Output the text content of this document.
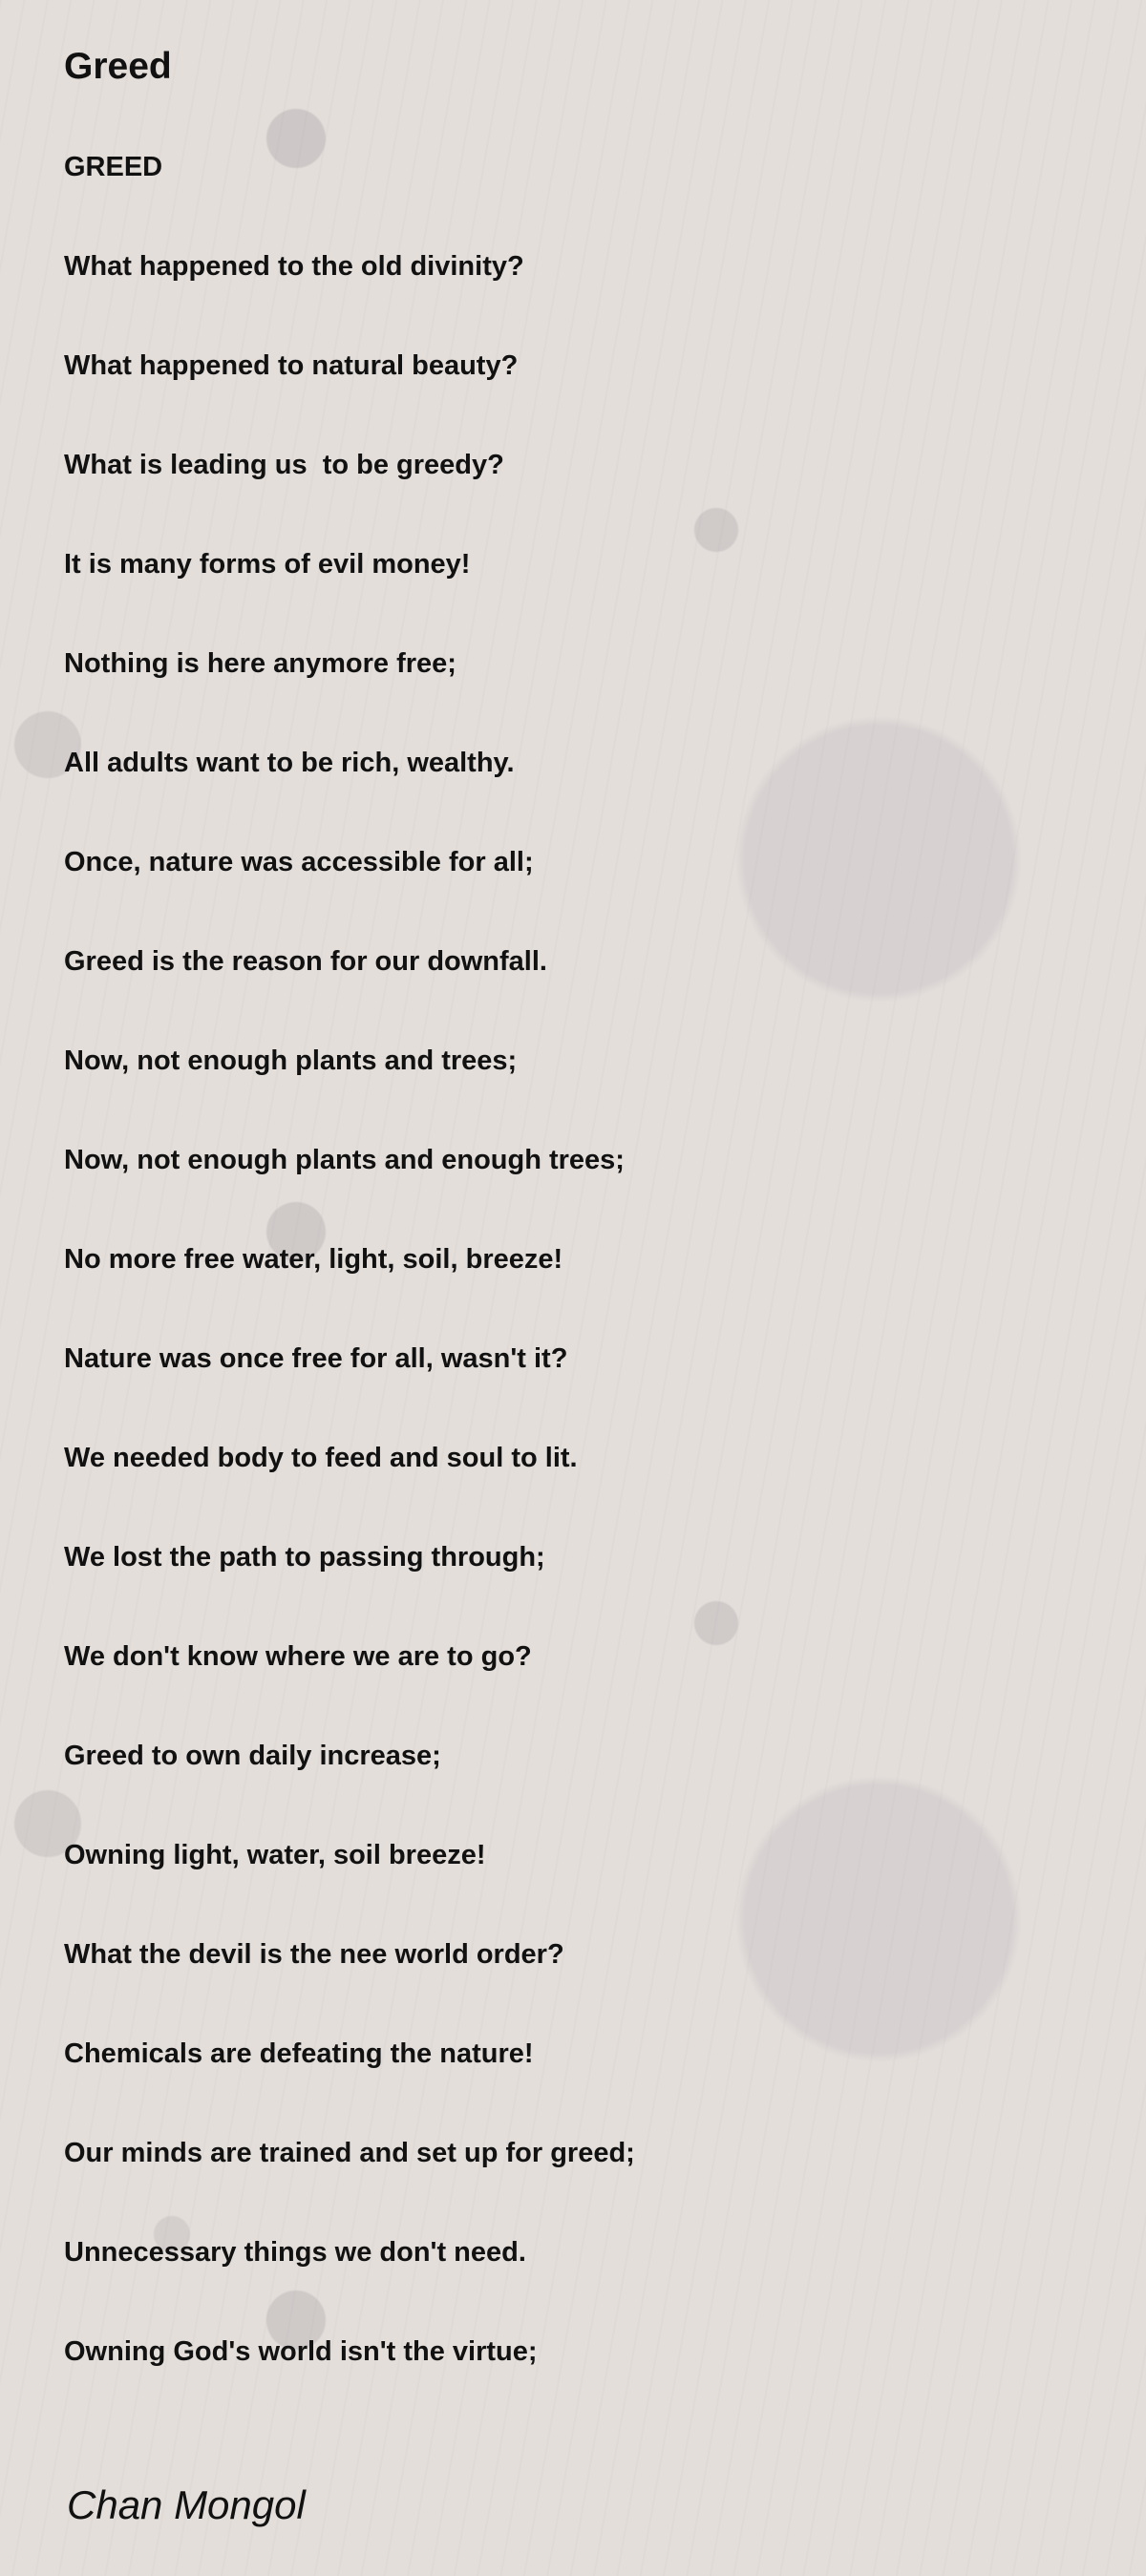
Greed
GREED
What happened to the old divinity?
What happened to natural beauty?
What is leading us  to be greedy?
It is many forms of evil money!
Nothing is here anymore free;
All adults want to be rich, wealthy.
Once, nature was accessible for all;
Greed is the reason for our downfall.
Now, not enough plants and trees;
Now, not enough plants and enough trees;
No more free water, light, soil, breeze!
Nature was once free for all, wasn't it?
We needed body to feed and soul to lit.
We lost the path to passing through;
We don't know where we are to go?
Greed to own daily increase;
Owning light, water, soil breeze!
What the devil is the nee world order?
Chemicals are defeating the nature!
Our minds are trained and set up for greed;
Unnecessary things we don't need.
Owning God's world isn't the virtue;

Chan Mongol
